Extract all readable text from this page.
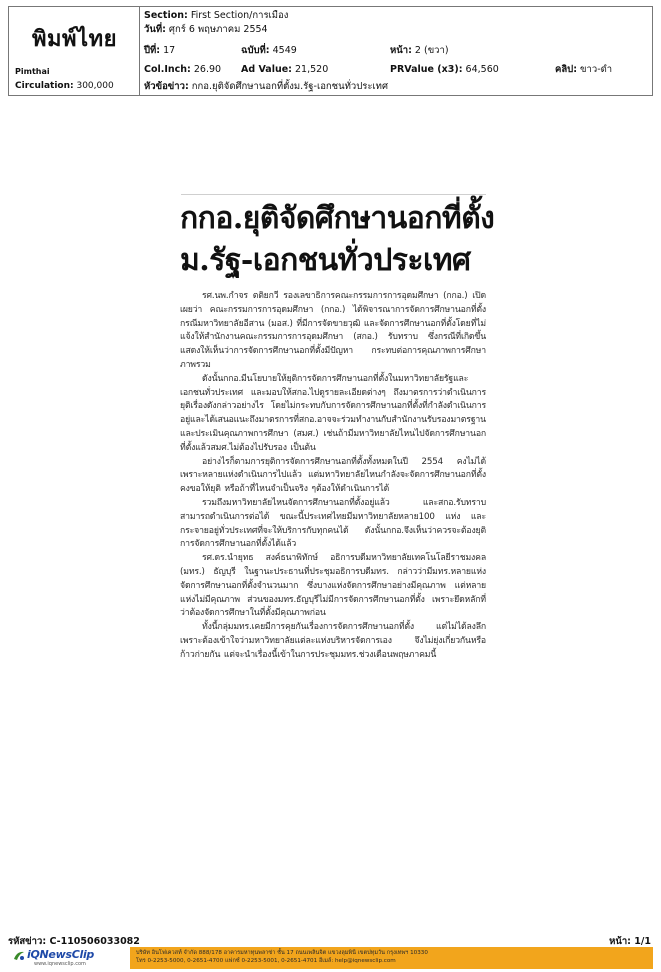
พิมพ์ไทย
Pimthai
Circulation: 300,000
Section: First Section/การเมือง
วันที่: ศุกร์ 6 พฤษภาคม 2554
ปีที่: 17	ฉบับที่: 4549	หน้า: 2 (ขวา)
Col.Inch: 26.90 Ad Value: 21,520	PRValue (x3): 64,560	คลิป: ขาว-ดำ
หัวข้อข่าว: กกอ.ยุติจัดศึกษานอกที่ตั้งม.รัฐ-เอกชนทั่วประเทศ
กกอ.ยุติจัดศึกษานอกที่ตั้ง
ม.รัฐ-เอกชนทั่วประเทศ

รศ.นพ.กำจร ตติยกวี รองเลขาธิการคณะกรรมการการอุดมศึกษา (กกอ.) เปิดเผยว่า คณะกรรมการการอุดมศึกษา (กกอ.) ได้พิจารณาการจัดการศึกษานอกที่ตั้งกรณีมหาวิทยาลัยอีสาน (มอส.) ที่มีการจัดขายวุฒิ และจัดการศึกษานอกที่ตั้งโดยที่ไม่แจ้งให้สำนักงานคณะกรรมการการอุดมศึกษา (สกอ.) รับทราบ ซึ่งกรณีที่เกิดขึ้นแสดงให้เห็นว่าการจัดการศึกษานอกที่ตั้งมีปัญหา กระทบต่อการคุณภาพการศึกษาภาพรวม

ดังนั้นกกอ.มีนโยบายให้ยุติการจัดการศึกษานอกที่ตั้งในมหาวิทยาลัยรัฐและเอกชนทั่วประเทศ และมอบให้สกอ.ไปดูรายละเอียดต่างๆ ถึงมาตรการว่าดำเนินการยุติเรื่องดังกล่าวอย่างไร โดยไม่กระทบกับการจัดการศึกษานอกที่ตั้งที่กำลังดำเนินการอยู่และได้เสนอแนะถึงมาตรการที่สกอ.อาจจะร่วมทำงานกับสำนักงานรับรองมาตรฐานและประเมินคุณภาพการศึกษา (สมศ.) เช่นถ้ามีมหาวิทยาลัยไหนไปจัดการศึกษานอกที่ตั้งแล้วสมศ.ไม่ต้องไปรับรอง เป็นต้น

อย่างไรก็ตามการยุติการจัดการศึกษานอกที่ตั้งทั้งหมดในปี 2554 คงไม่ได้ เพราะหลายแห่งดำเนินการไปแล้ว แต่มหาวิทยาลัยไหนกำลังจะจัดการศึกษานอกที่ตั้งคงขอให้ยุติ หรือถ้าที่ไหนจำเป็นจริง ๆต้องให้ดำเนินการได้

รวมถึงมหาวิทยาลัยไหนจัดการศึกษานอกที่ตั้งอยู่แล้ว และสกอ.รับทราบ สามารถดำเนินการต่อได้ ขณะนี้ประเทศไทยมีมหาวิทยาลัยหลาย100 แห่ง และกระจายอยู่ทั่วประเทศที่จะให้บริการกับทุกคนได้ ดังนั้นกกอ.จึงเห็นว่าควรจะต้องยุติการจัดการศึกษานอกที่ตั้งได้แล้ว

รศ.ดร.นำยุทธ สงค์ธนาพิทักษ์ อธิการบดีมหาวิทยาลัยเทคโนโลยีราชมงคล (มทร.) ธัญบุรี ในฐานะประธานที่ประชุมอธิการบดีมทร. กล่าวว่ามีมทร.หลายแห่งจัดการศึกษานอกที่ตั้งจำนวนมาก ซึ่งบางแห่งจัดการศึกษาอย่างมีคุณภาพ แต่หลายแห่งไม่มีคุณภาพ ส่วนของมทร.ธัญบุรีไม่มีการจัดการศึกษานอกที่ตั้ง เพราะยึดหลักที่ว่าต้องจัดการศึกษาในที่ตั้งมีคุณภาพก่อน

ทั้งนี้กลุ่มมทร.เคยมีการคุยกันเรื่องการจัดการศึกษานอกที่ตั้ง แต่ไม่ได้ลงลึก เพราะต้องเข้าใจว่ามหาวิทยาลัยแต่ละแห่งบริหารจัดการเอง จึงไม่ยุ่งเกี่ยวกันหรือก้าวก่ายกัน แต่จะนำเรื่องนี้เข้าในการประชุมมทร.ช่วงเดือนพฤษภาคมนี้

รหัสข่าว: C-110506033082	หน้า: 1/1
iQNewsClip
www.iqnewsclip.com
บริษัท อินโฟเควสท์ จำกัด 888/178 อาคารมหาทุนพลาซ่า ชั้น 17 ถนนเพลินจิต แขวงลุมพินี เขตปทุมวัน กรุงเทพฯ 10330
โทร 0-2253-5000, 0-2651-4700 แฟกซ์ 0-2253-5001, 0-2651-4701 อีเมล์: help@iqnewsclip.com
